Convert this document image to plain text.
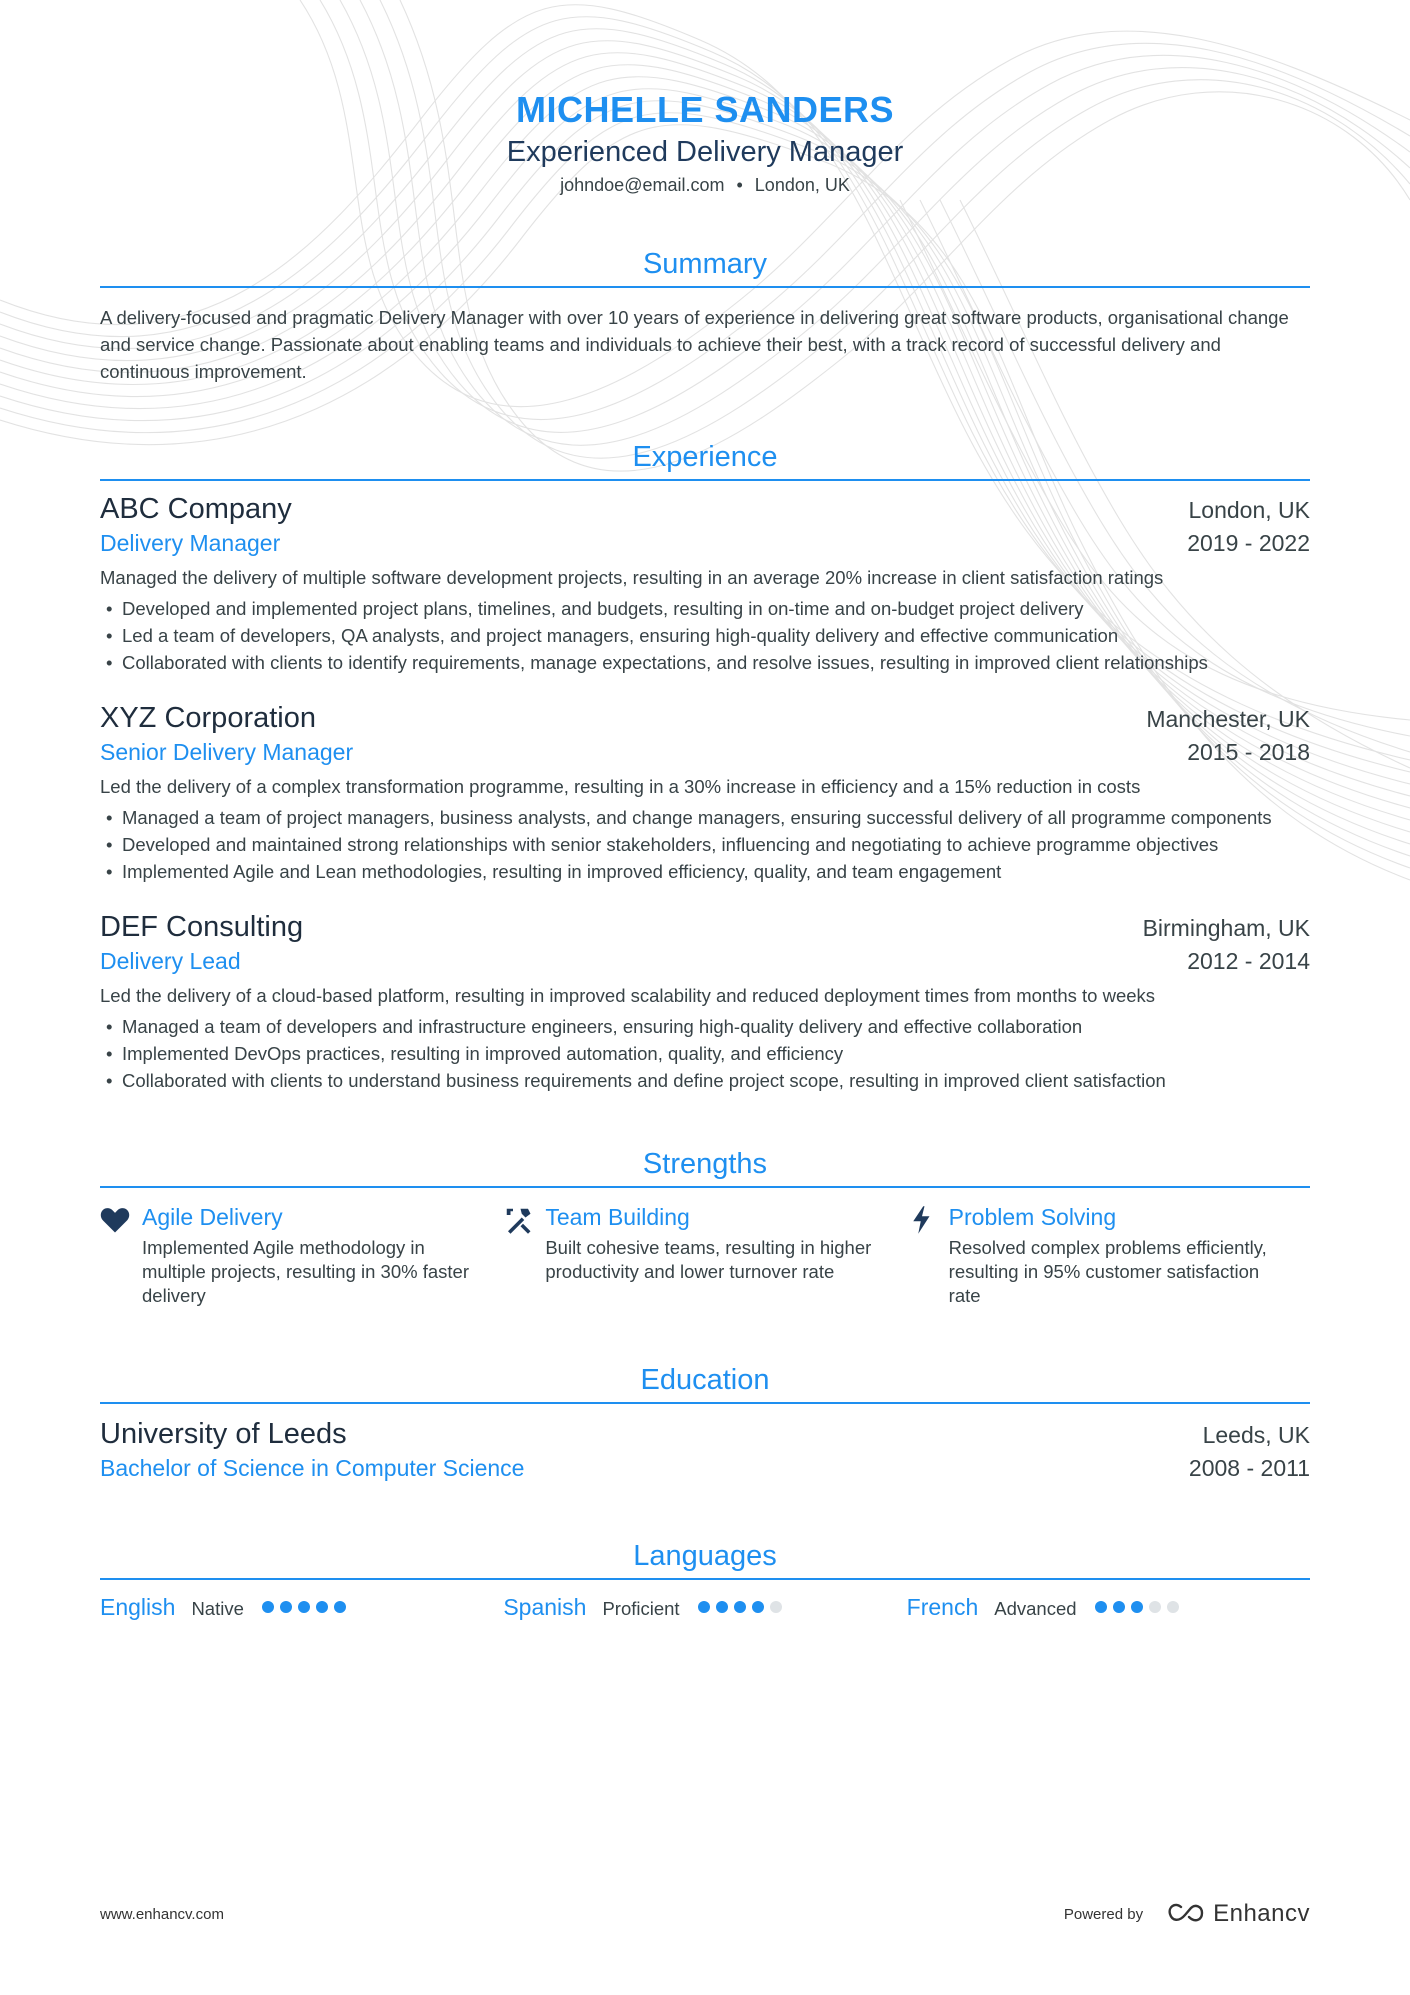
MICHELLE SANDERS
Experienced Delivery Manager
johndoe@email.com • London, UK
Summary
A delivery-focused and pragmatic Delivery Manager with over 10 years of experience in delivering great software products, organisational change and service change. Passionate about enabling teams and individuals to achieve their best, with a track record of successful delivery and continuous improvement.
Experience
ABC Company	London, UK
Delivery Manager	2019 - 2022
Managed the delivery of multiple software development projects, resulting in an average 20% increase in client satisfaction ratings
• Developed and implemented project plans, timelines, and budgets, resulting in on-time and on-budget project delivery
• Led a team of developers, QA analysts, and project managers, ensuring high-quality delivery and effective communication
• Collaborated with clients to identify requirements, manage expectations, and resolve issues, resulting in improved client relationships
XYZ Corporation	Manchester, UK
Senior Delivery Manager	2015 - 2018
Led the delivery of a complex transformation programme, resulting in a 30% increase in efficiency and a 15% reduction in costs
• Managed a team of project managers, business analysts, and change managers, ensuring successful delivery of all programme components
• Developed and maintained strong relationships with senior stakeholders, influencing and negotiating to achieve programme objectives
• Implemented Agile and Lean methodologies, resulting in improved efficiency, quality, and team engagement
DEF Consulting	Birmingham, UK
Delivery Lead	2012 - 2014
Led the delivery of a cloud-based platform, resulting in improved scalability and reduced deployment times from months to weeks
• Managed a team of developers and infrastructure engineers, ensuring high-quality delivery and effective collaboration
• Implemented DevOps practices, resulting in improved automation, quality, and efficiency
• Collaborated with clients to understand business requirements and define project scope, resulting in improved client satisfaction
Strengths
Agile Delivery
Implemented Agile methodology in multiple projects, resulting in 30% faster delivery
Team Building
Built cohesive teams, resulting in higher productivity and lower turnover rate
Problem Solving
Resolved complex problems efficiently, resulting in 95% customer satisfaction rate
Education
University of Leeds	Leeds, UK
Bachelor of Science in Computer Science	2008 - 2011
Languages
English Native	Spanish Proficient	French Advanced
www.enhancv.com	Powered by	Enhancv
